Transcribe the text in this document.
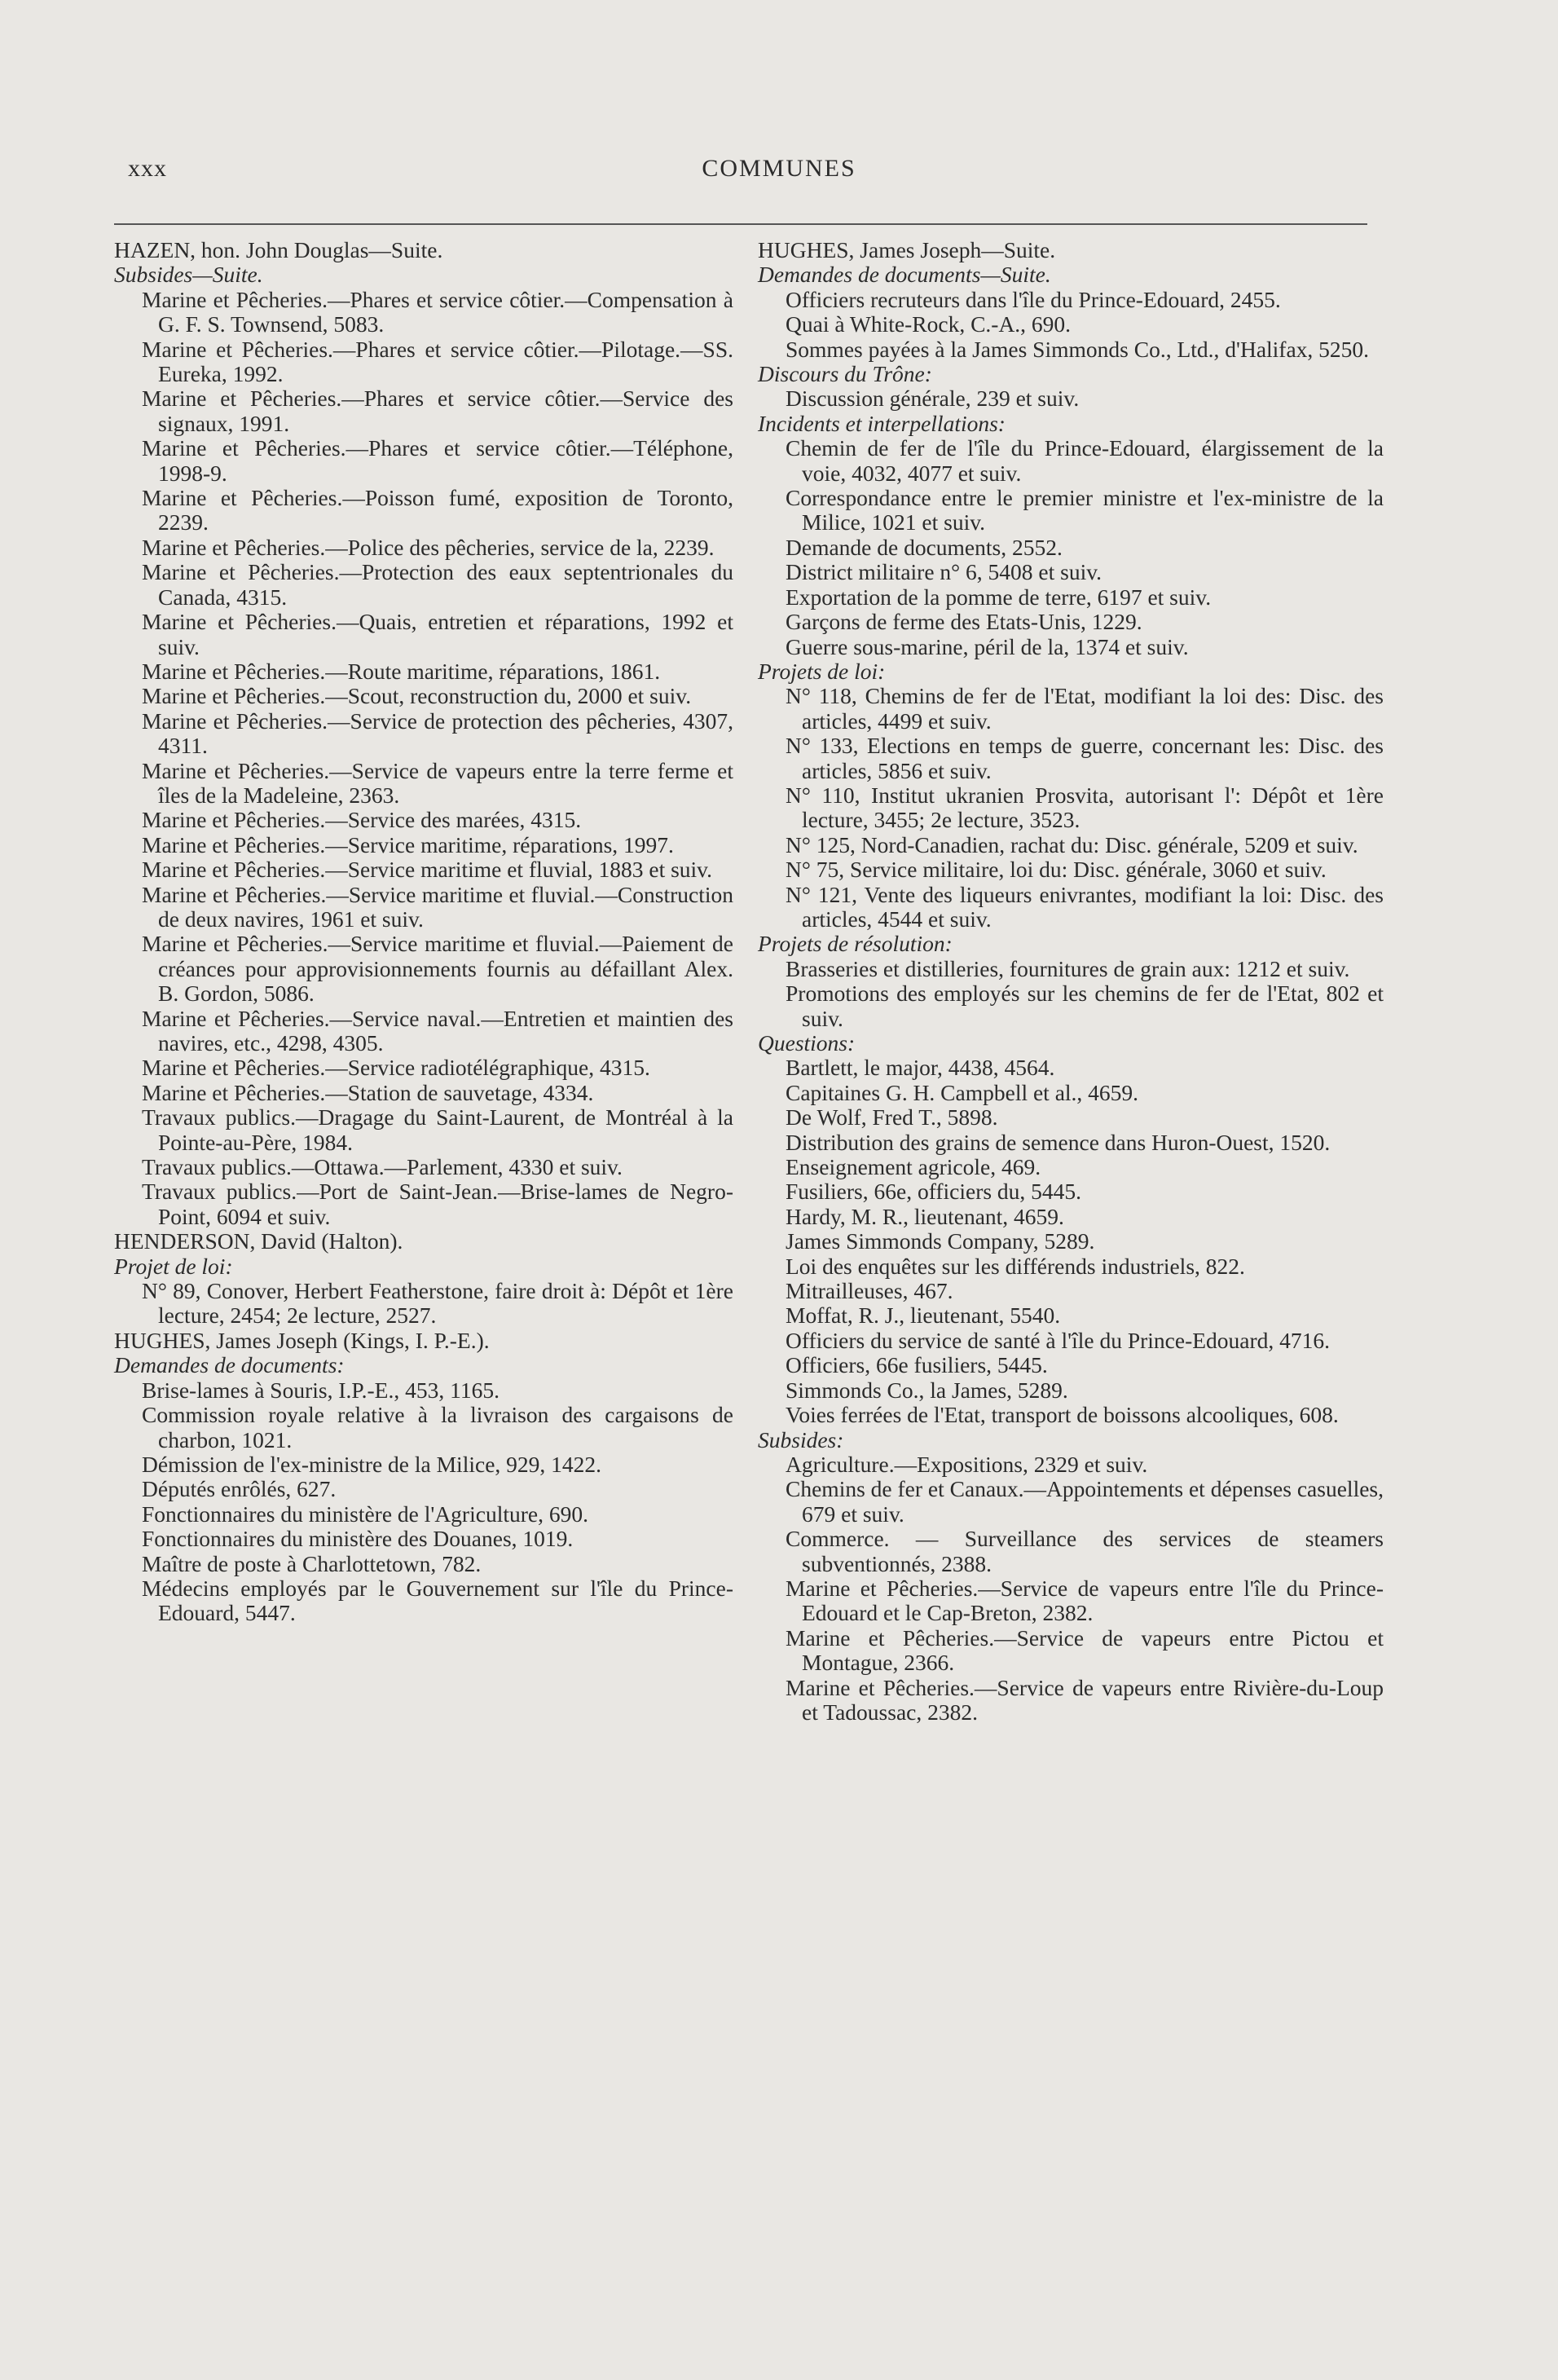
xxx	COMMUNES
HAZEN, hon. John Douglas—Suite.
Subsides—Suite.
Marine et Pêcheries.—Phares et service côtier.—Compensation à G. F. S. Townsend, 5083.
Marine et Pêcheries.—Phares et service côtier.—Pilotage.—SS. Eureka, 1992.
Marine et Pêcheries.—Phares et service côtier.—Service des signaux, 1991.
Marine et Pêcheries.—Phares et service côtier.—Téléphone, 1998-9.
Marine et Pêcheries.—Poisson fumé, exposition de Toronto, 2239.
Marine et Pêcheries.—Police des pêcheries, service de la, 2239.
Marine et Pêcheries.—Protection des eaux septentrionales du Canada, 4315.
Marine et Pêcheries.—Quais, entretien et réparations, 1992 et suiv.
Marine et Pêcheries.—Route maritime, réparations, 1861.
Marine et Pêcheries.—Scout, reconstruction du, 2000 et suiv.
Marine et Pêcheries.—Service de protection des pêcheries, 4307, 4311.
Marine et Pêcheries.—Service de vapeurs entre la terre ferme et îles de la Madeleine, 2363.
Marine et Pêcheries.—Service des marées, 4315.
Marine et Pêcheries.—Service maritime, réparations, 1997.
Marine et Pêcheries.—Service maritime et fluvial, 1883 et suiv.
Marine et Pêcheries.—Service maritime et fluvial.—Construction de deux navires, 1961 et suiv.
Marine et Pêcheries.—Service maritime et fluvial.—Paiement de créances pour approvisionnements fournis au défaillant Alex. B. Gordon, 5086.
Marine et Pêcheries.—Service naval.—Entretien et maintien des navires, etc., 4298, 4305.
Marine et Pêcheries.—Service radiotélégraphique, 4315.
Marine et Pêcheries.—Station de sauvetage, 4334.
Travaux publics.—Dragage du Saint-Laurent, de Montréal à la Pointe-au-Père, 1984.
Travaux publics.—Ottawa.—Parlement, 4330 et suiv.
Travaux publics.—Port de Saint-Jean.—Brise-lames de Negro-Point, 6094 et suiv.
HENDERSON, David (Halton).
Projet de loi:
N° 89, Conover, Herbert Featherstone, faire droit à: Dépôt et 1ère lecture, 2454; 2e lecture, 2527.
HUGHES, James Joseph (Kings, I. P.-E.).
Demandes de documents:
Brise-lames à Souris, I.P.-E., 453, 1165.
Commission royale relative à la livraison des cargaisons de charbon, 1021.
Démission de l'ex-ministre de la Milice, 929, 1422.
Députés enrôlés, 627.
Fonctionnaires du ministère de l'Agriculture, 690.
Fonctionnaires du ministère des Douanes, 1019.
Maître de poste à Charlottetown, 782.
Médecins employés par le Gouvernement sur l'île du Prince-Edouard, 5447.
HUGHES, James Joseph—Suite.
Demandes de documents—Suite.
Officiers recruteurs dans l'île du Prince-Edouard, 2455.
Quai à White-Rock, C.-A., 690.
Sommes payées à la James Simmonds Co., Ltd., d'Halifax, 5250.
Discours du Trône:
Discussion générale, 239 et suiv.
Incidents et interpellations:
Chemin de fer de l'île du Prince-Edouard, élargissement de la voie, 4032, 4077 et suiv.
Correspondance entre le premier ministre et l'ex-ministre de la Milice, 1021 et suiv.
Demande de documents, 2552.
District militaire n° 6, 5408 et suiv.
Exportation de la pomme de terre, 6197 et suiv.
Garçons de ferme des Etats-Unis, 1229.
Guerre sous-marine, péril de la, 1374 et suiv.
Projets de loi:
N° 118, Chemins de fer de l'Etat, modifiant la loi des: Disc. des articles, 4499 et suiv.
N° 133, Elections en temps de guerre, concernant les: Disc. des articles, 5856 et suiv.
N° 110, Institut ukranien Prosvita, autorisant l': Dépôt et 1ère lecture, 3455; 2e lecture, 3523.
N° 125, Nord-Canadien, rachat du: Disc. générale, 5209 et suiv.
N° 75, Service militaire, loi du: Disc. générale, 3060 et suiv.
N° 121, Vente des liqueurs enivrantes, modifiant la loi: Disc. des articles, 4544 et suiv.
Projets de résolution:
Brasseries et distilleries, fournitures de grain aux: 1212 et suiv.
Promotions des employés sur les chemins de fer de l'Etat, 802 et suiv.
Questions:
Bartlett, le major, 4438, 4564.
Capitaines G. H. Campbell et al., 4659.
De Wolf, Fred T., 5898.
Distribution des grains de semence dans Huron-Ouest, 1520.
Enseignement agricole, 469.
Fusiliers, 66e, officiers du, 5445.
Hardy, M. R., lieutenant, 4659.
James Simmonds Company, 5289.
Loi des enquêtes sur les différends industriels, 822.
Mitrailleuses, 467.
Moffat, R. J., lieutenant, 5540.
Officiers du service de santé à l'île du Prince-Edouard, 4716.
Officiers, 66e fusiliers, 5445.
Simmonds Co., la James, 5289.
Voies ferrées de l'Etat, transport de boissons alcooliques, 608.
Subsides:
Agriculture.—Expositions, 2329 et suiv.
Chemins de fer et Canaux.—Appointements et dépenses casuelles, 679 et suiv.
Commerce. — Surveillance des services de steamers subventionnés, 2388.
Marine et Pêcheries.—Service de vapeurs entre l'île du Prince-Edouard et le Cap-Breton, 2382.
Marine et Pêcheries.—Service de vapeurs entre Pictou et Montague, 2366.
Marine et Pêcheries.—Service de vapeurs entre Rivière-du-Loup et Tadoussac, 2382.
